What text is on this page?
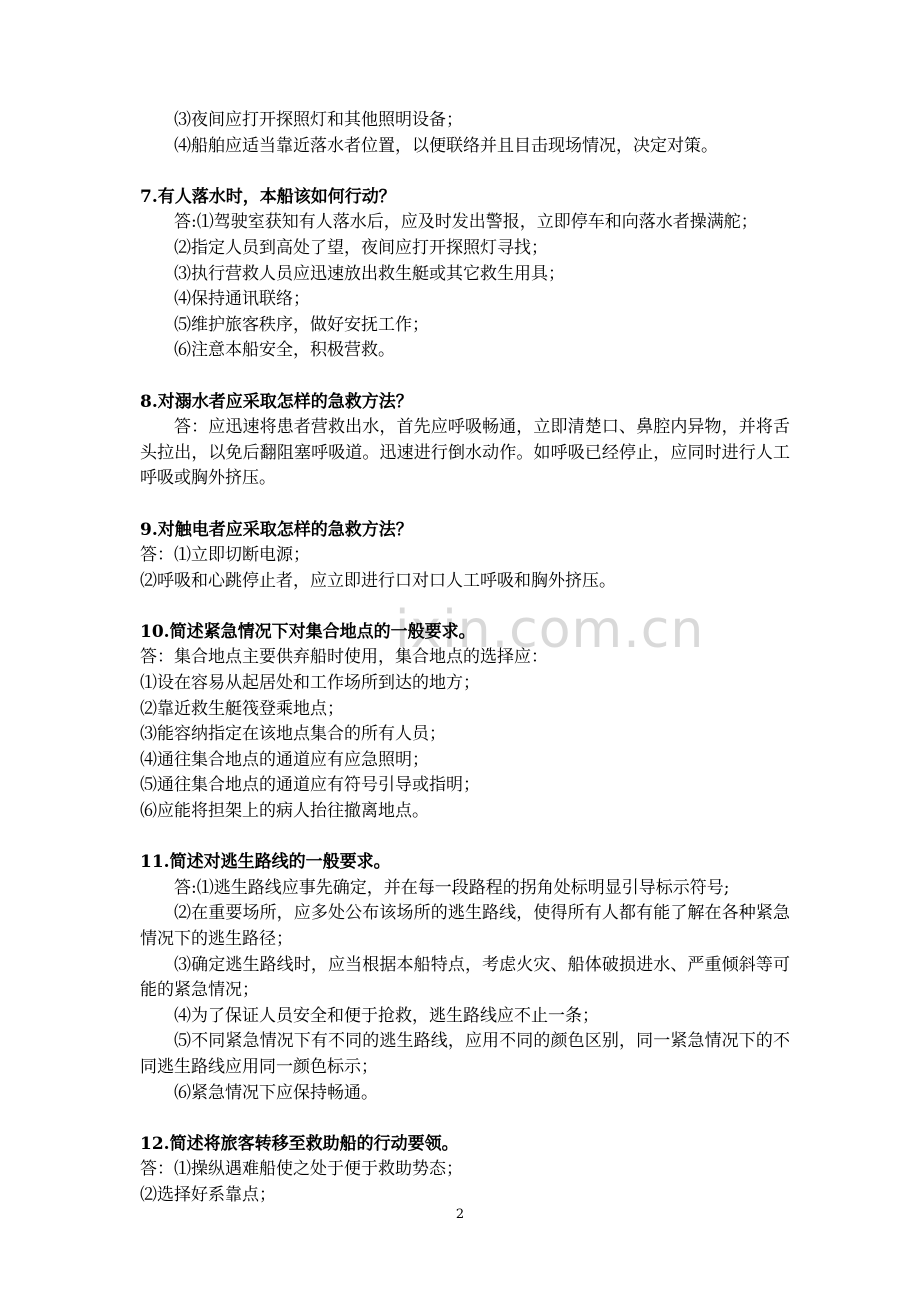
ixin.com.cn
⑶夜间应打开探照灯和其他照明设备；
⑷船舶应适当靠近落水者位置，以便联络并且目击现场情况，决定对策。
7.有人落水时，本船该如何行动？
答:⑴驾驶室获知有人落水后，应及时发出警报，立即停车和向落水者操满舵；
⑵指定人员到高处了望，夜间应打开探照灯寻找；
⑶执行营救人员应迅速放出救生艇或其它救生用具；
⑷保持通讯联络；
⑸维护旅客秩序，做好安抚工作；
⑹注意本船安全，积极营救。
8.对溺水者应采取怎样的急救方法？
答：应迅速将患者营救出水，首先应呼吸畅通，立即清楚口、鼻腔内异物，并将舌头拉出，以免后翻阻塞呼吸道。迅速进行倒水动作。如呼吸已经停止，应同时进行人工呼吸或胸外挤压。
9.对触电者应采取怎样的急救方法？
答：⑴立即切断电源；
⑵呼吸和心跳停止者，应立即进行口对口人工呼吸和胸外挤压。
10.简述紧急情况下对集合地点的一般要求。
答：集合地点主要供弃船时使用，集合地点的选择应：
⑴设在容易从起居处和工作场所到达的地方；
⑵靠近救生艇筏登乘地点；
⑶能容纳指定在该地点集合的所有人员；
⑷通往集合地点的通道应有应急照明；
⑸通往集合地点的通道应有符号引导或指明；
⑹应能将担架上的病人抬往撤离地点。
11.简述对逃生路线的一般要求。
答:⑴逃生路线应事先确定，并在每一段路程的拐角处标明显引导标示符号;
⑵在重要场所，应多处公布该场所的逃生路线，使得所有人都有能了解在各种紧急情况下的逃生路径；
⑶确定逃生路线时，应当根据本船特点，考虑火灾、船体破损进水、严重倾斜等可能的紧急情况；
⑷为了保证人员安全和便于抢救，逃生路线应不止一条；
⑸不同紧急情况下有不同的逃生路线，应用不同的颜色区别，同一紧急情况下的不同逃生路线应用同一颜色标示；
⑹紧急情况下应保持畅通。
12.简述将旅客转移至救助船的行动要领。
答：⑴操纵遇难船使之处于便于救助势态；
⑵选择好系靠点；
2
